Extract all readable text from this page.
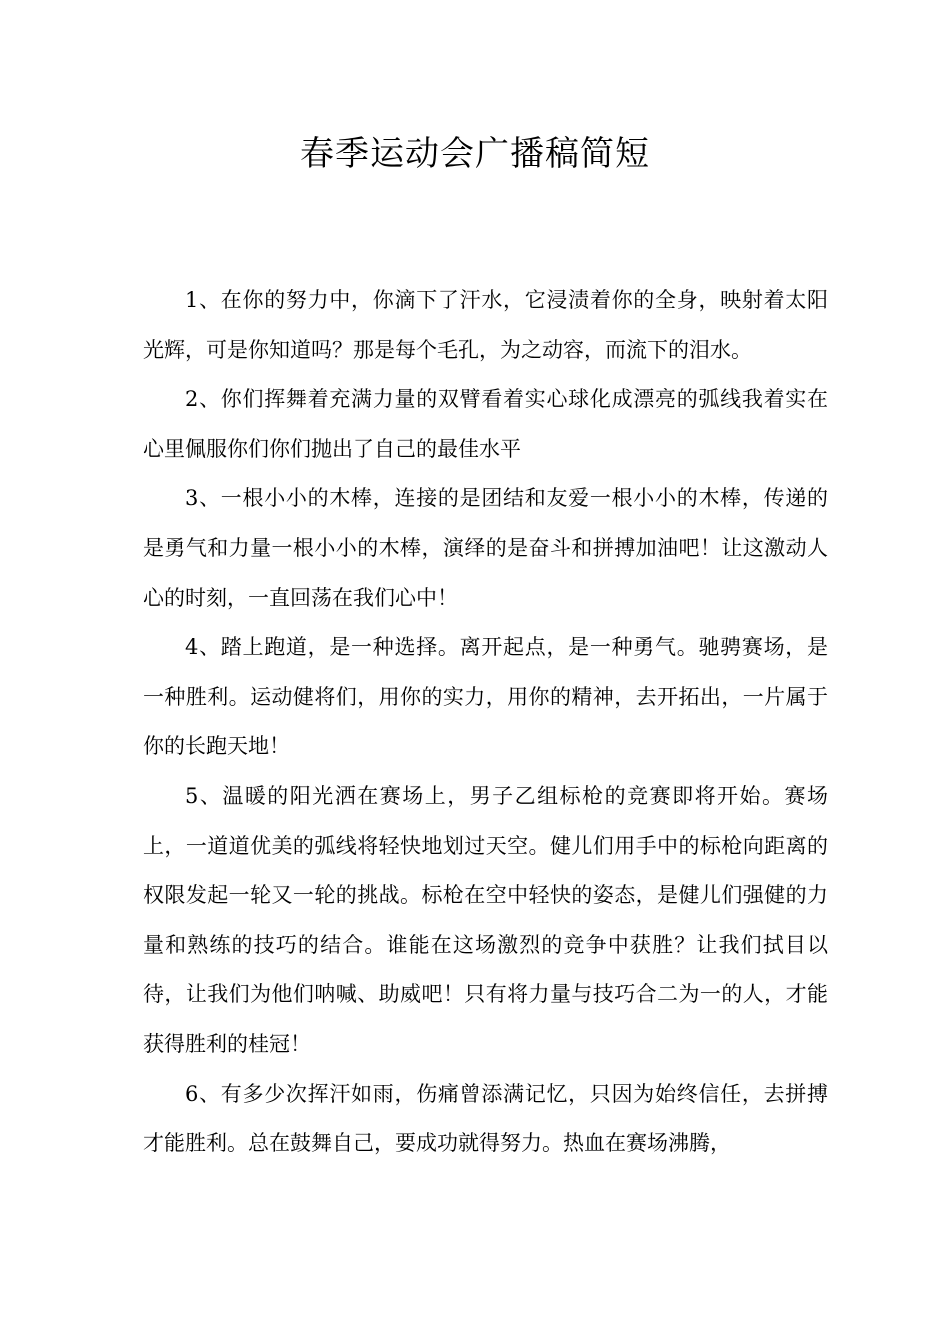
春季运动会广播稿简短

1、在你的努力中，你滴下了汗水，它浸渍着你的全身，映射着太阳光辉，可是你知道吗？那是每个毛孔，为之动容，而流下的泪水。

2、你们挥舞着充满力量的双臂看着实心球化成漂亮的弧线我着实在心里佩服你们你们抛出了自己的最佳水平

3、一根小小的木棒，连接的是团结和友爱一根小小的木棒，传递的是勇气和力量一根小小的木棒，演绎的是奋斗和拼搏加油吧！让这激动人心的时刻，一直回荡在我们心中！

4、踏上跑道，是一种选择。离开起点，是一种勇气。驰骋赛场，是一种胜利。运动健将们，用你的实力，用你的精神，去开拓出，一片属于你的长跑天地！

5、温暖的阳光洒在赛场上，男子乙组标枪的竞赛即将开始。赛场上，一道道优美的弧线将轻快地划过天空。健儿们用手中的标枪向距离的权限发起一轮又一轮的挑战。标枪在空中轻快的姿态，是健儿们强健的力量和熟练的技巧的结合。谁能在这场激烈的竞争中获胜？让我们拭目以待，让我们为他们呐喊、助威吧！只有将力量与技巧合二为一的人，才能获得胜利的桂冠！

6、有多少次挥汗如雨，伤痛曾添满记忆，只因为始终信任，去拼搏才能胜利。总在鼓舞自己，要成功就得努力。热血在赛场沸腾，
